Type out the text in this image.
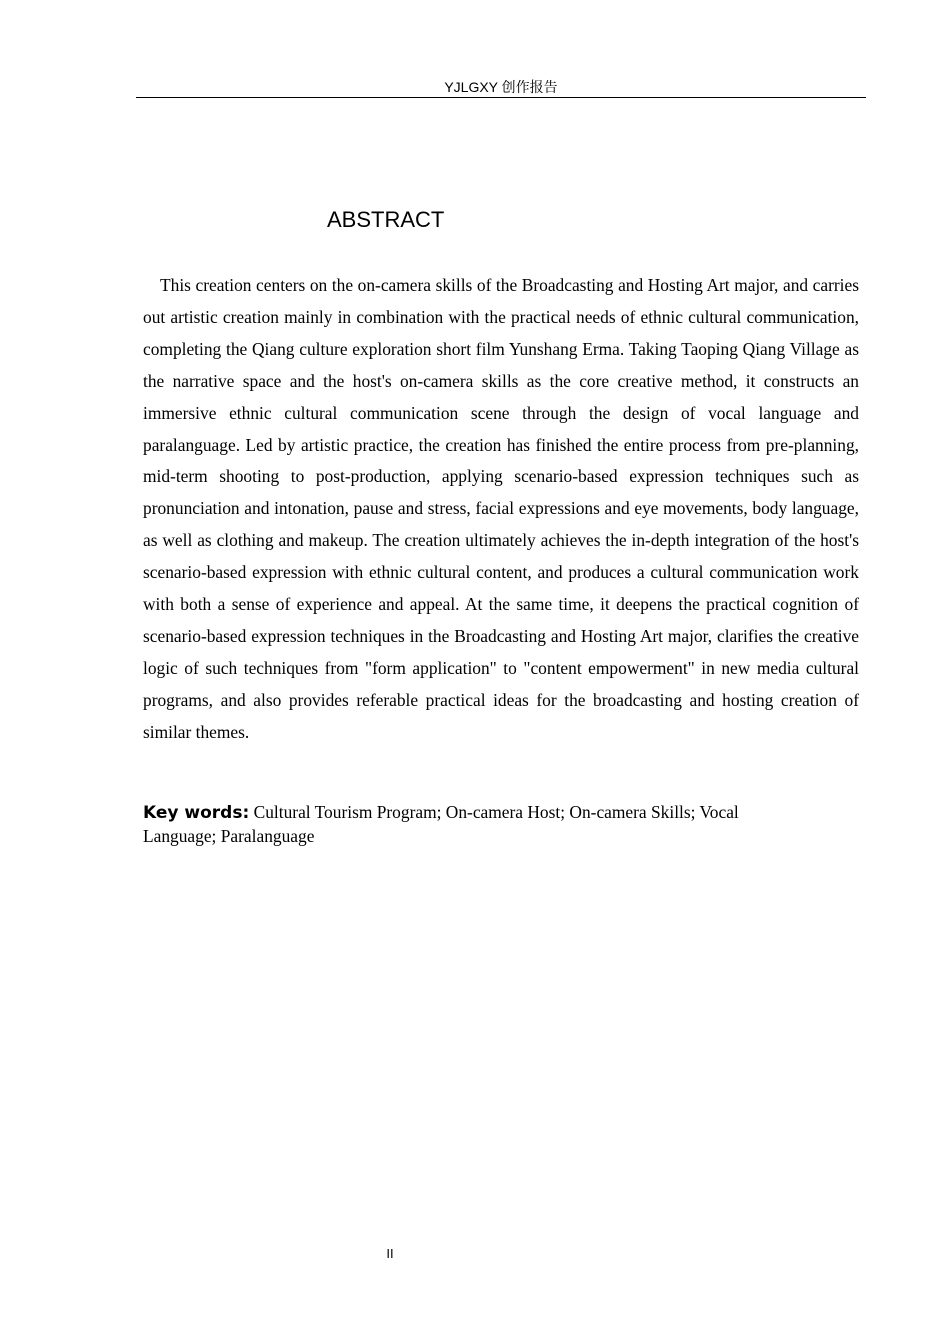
YJLGXY 创作报告
ABSTRACT

This creation centers on the on-camera skills of the Broadcasting and Hosting Art major, and carries out artistic creation mainly in combination with the practical needs of ethnic cultural communication, completing the Qiang culture exploration short film Yunshang Erma. Taking Taoping Qiang Village as the narrative space and the host's on-camera skills as the core creative method, it constructs an immersive ethnic cultural communication scene through the design of vocal language and paralanguage. Led by artistic practice, the creation has finished the entire process from pre-planning, mid-term shooting to post-production, applying scenario-based expression techniques such as pronunciation and intonation, pause and stress, facial expressions and eye movements, body language, as well as clothing and makeup. The creation ultimately achieves the in-depth integration of the host's scenario-based expression with ethnic cultural content, and produces a cultural communication work with both a sense of experience and appeal. At the same time, it deepens the practical cognition of scenario-based expression techniques in the Broadcasting and Hosting Art major, clarifies the creative logic of such techniques from "form application" to "content empowerment" in new media cultural programs, and also provides referable practical ideas for the broadcasting and hosting creation of similar themes.

Key words: Cultural Tourism Program; On-camera Host; On-camera Skills; Vocal
Language; Paralanguage

II
